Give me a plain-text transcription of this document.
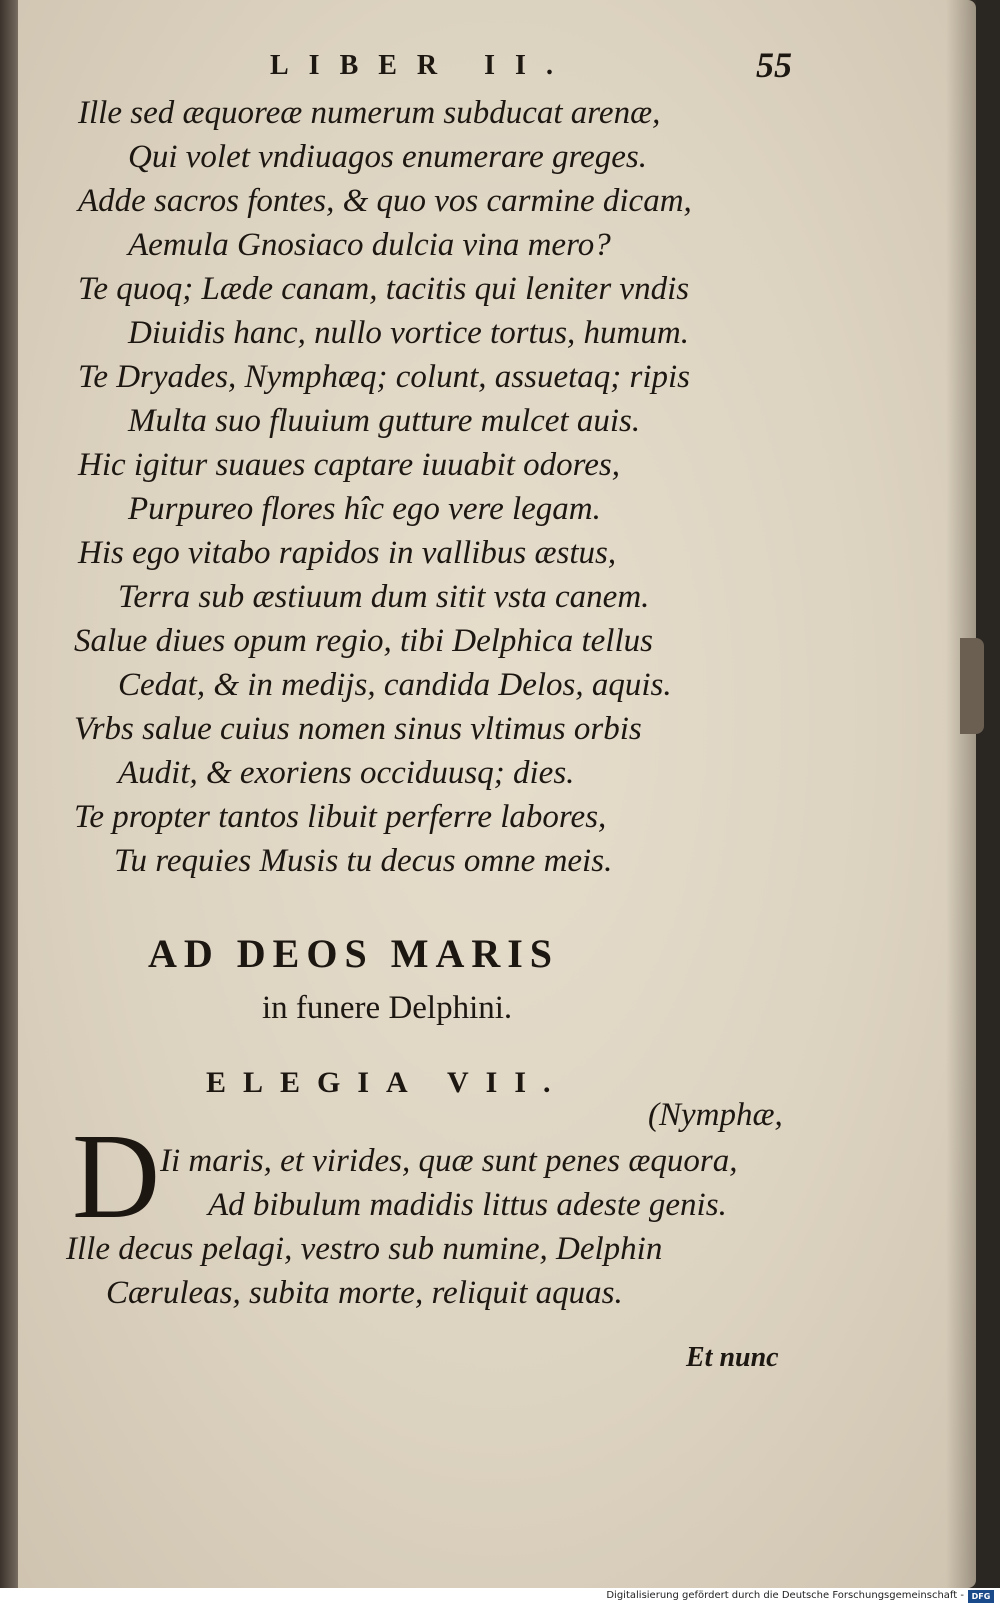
LIBER II.	55
Ille sed æquoreæ numerum subducat arenæ,
Qui volet vndiuagos enumerare greges.
Adde sacros fontes, & quo vos carmine dicam,
Aemula Gnosiaco dulcia vina mero?
Te quoq; Læde canam, tacitis qui leniter vndis
Diuidis hanc, nullo vortice tortus, humum.
Te Dryades, Nymphæq; colunt, assuetaq; ripis
Multa suo fluuium gutture mulcet auis.
Hic igitur suaues captare iuuabit odores,
Purpureo flores hîc ego vere legam.
His ego vitabo rapidos in vallibus æstus,
Terra sub æstiuum dum sitit vsta canem.
Salue diues opum regio, tibi Delphica tellus
Cedat, & in medijs, candida Delos, aquis.
Vrbs salue cuius nomen sinus vltimus orbis
Audit, & exoriens occiduusq; dies.
Te propter tantos libuit perferre labores,
Tu requies Musis tu decus omne meis.
AD DEOS MARIS
in funere Delphini.
ELEGIA VII.
(Nymphæ,
D Ii maris, et virides, quæ sunt penes æquora,
Ad bibulum madidis littus adeste genis.
Ille decus pelagi, vestro sub numine, Delphin
Cæruleas, subita morte, reliquit aquas.
Et nunc
Digitalisierung gefördert durch die Deutsche Forschungsgemeinschaft - DFG
